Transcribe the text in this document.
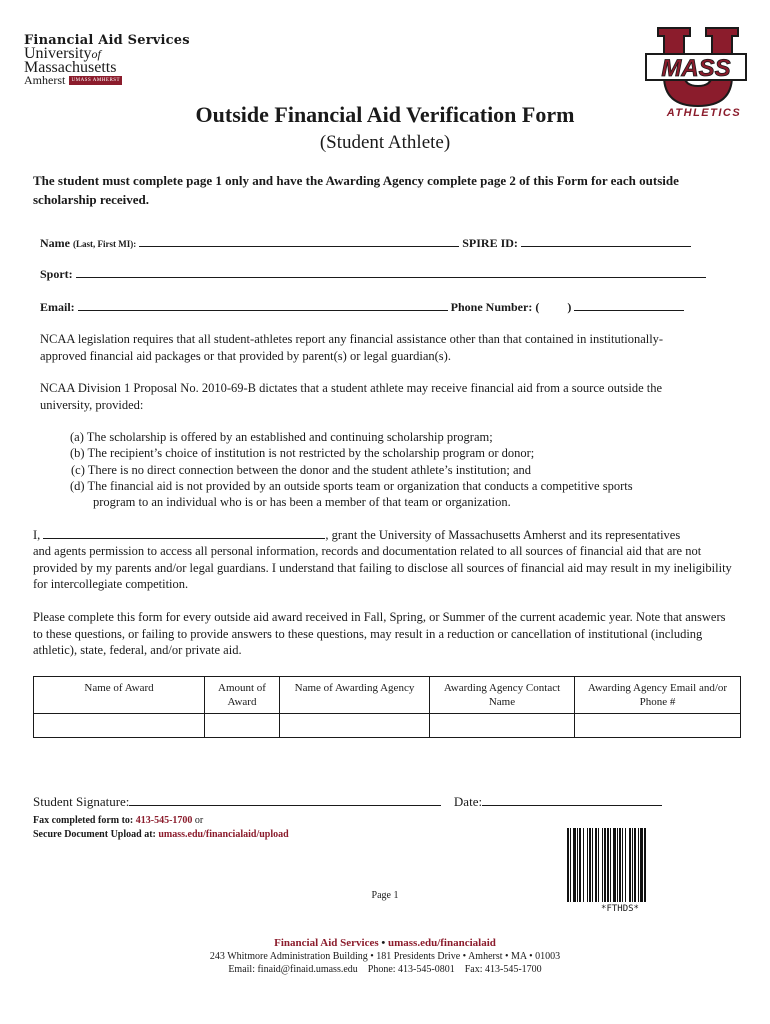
Financial Aid Services
Universityof
Massachusetts
Amherst	UMASS AMHERST	MASS
ATHLETICS
Outside Financial Aid Verification Form
(Student Athlete)
The student must complete page 1 only and have the Awarding Agency complete page 2 of this Form for each outside scholarship received.
Name (Last, First MI):	SPIRE ID:
Sport:
Email:	Phone Number: ( )
NCAA legislation requires that all student-athletes report any financial assistance other than that contained in institutionally-approved financial aid packages or that provided by parent(s) or legal guardian(s).
NCAA Division 1 Proposal No. 2010-69-B dictates that a student athlete may receive financial aid from a source outside the university, provided:
(a) The scholarship is offered by an established and continuing scholarship program;
(b) The recipient’s choice of institution is not restricted by the scholarship program or donor;
(c) There is no direct connection between the donor and the student athlete’s institution; and
(d) The financial aid is not provided by an outside sports team or organization that conducts a competitive sports
program to an individual who is or has been a member of that team or organization.
I,	, grant the University of Massachusetts Amherst and its representatives
and agents permission to access all personal information, records and documentation related to all sources of financial aid that are not provided by my parents and/or legal guardians. I understand that failing to disclose all sources of financial aid may result in my ineligibility for intercollegiate competition.
Please complete this form for every outside aid award received in Fall, Spring, or Summer of the current academic year. Note that answers to these questions, or failing to provide answers to these questions, may result in a reduction or cancellation of institutional (including athletic), state, federal, and/or private aid.
Name of Award	Amount of Award	Name of Awarding Agency	Awarding Agency Contact Name	Awarding Agency Email and/or Phone #

Student Signature:	Date:
Fax completed form to: 413-545-1700 or
Secure Document Upload at: umass.edu/financialaid/upload
Page 1
*FTHDS*
Financial Aid Services • umass.edu/financialaid
243 Whitmore Administration Building • 181 Presidents Drive • Amherst • MA • 01003
Email: finaid@finaid.umass.edu Phone: 413-545-0801 Fax: 413-545-1700
